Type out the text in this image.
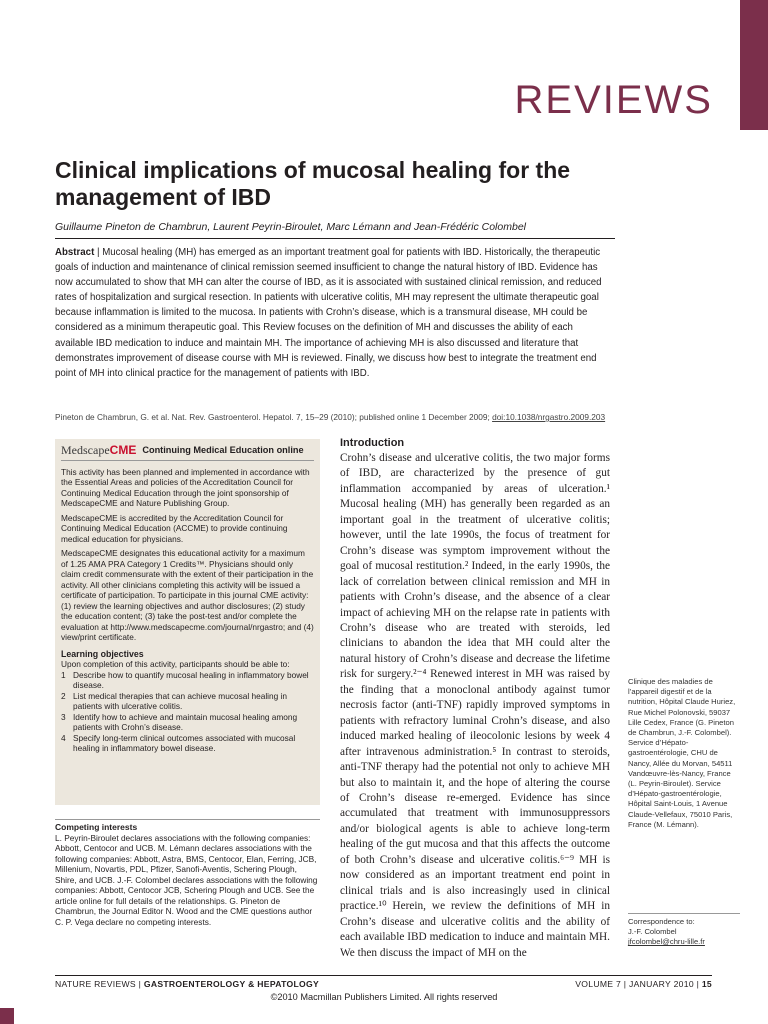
REVIEWS
Clinical implications of mucosal healing for the management of IBD
Guillaume Pineton de Chambrun, Laurent Peyrin-Biroulet, Marc Lémann and Jean-Frédéric Colombel

Abstract | Mucosal healing (MH) has emerged as an important treatment goal for patients with IBD. Historically, the therapeutic goals of induction and maintenance of clinical remission seemed insufficient to change the natural history of IBD. Evidence has now accumulated to show that MH can alter the course of IBD, as it is associated with sustained clinical remission, and reduced rates of hospitalization and surgical resection. In patients with ulcerative colitis, MH may represent the ultimate therapeutic goal because inflammation is limited to the mucosa. In patients with Crohn’s disease, which is a transmural disease, MH could be considered as a minimum therapeutic goal. This Review focuses on the definition of MH and discusses the ability of each available IBD medication to induce and maintain MH. The importance of achieving MH is also discussed and literature that demonstrates improvement of disease course with MH is reviewed. Finally, we discuss how best to integrate the treatment end point of MH into clinical practice for the management of patients with IBD.

Pineton de Chambrun, G. et al. Nat. Rev. Gastroenterol. Hepatol. 7, 15–29 (2010); published online 1 December 2009; doi:10.1038/nrgastro.2009.203
MedscapeCME Continuing Medical Education online

This activity has been planned and implemented in accordance with the Essential Areas and policies of the Accreditation Council for Continuing Medical Education through the joint sponsorship of MedscapeCME and Nature Publishing Group.

MedscapeCME is accredited by the Accreditation Council for Continuing Medical Education (ACCME) to provide continuing medical education for physicians.

MedscapeCME designates this educational activity for a maximum of 1.25 AMA PRA Category 1 Credits™. Physicians should only claim credit commensurate with the extent of their participation in the activity. All other clinicians completing this activity will be issued a certificate of participation. To participate in this journal CME activity: (1) review the learning objectives and author disclosures; (2) study the education content; (3) take the post-test and/or complete the evaluation at http://www.medscapecme.com/journal/nrgastro; and (4) view/print certificate.

Learning objectives
Upon completion of this activity, participants should be able to:
1 Describe how to quantify mucosal healing in inflammatory bowel disease.
2 List medical therapies that can achieve mucosal healing in patients with ulcerative colitis.
3 Identify how to achieve and maintain mucosal healing among patients with Crohn’s disease.
4 Specify long-term clinical outcomes associated with mucosal healing in inflammatory bowel disease.
Competing interests
L. Peyrin-Biroulet declares associations with the following companies: Abbott, Centocor and UCB. M. Lémann declares associations with the following companies: Abbott, Astra, BMS, Centocor, Elan, Ferring, JCB, Millenium, Novartis, PDL, Pfizer, Sanofi-Aventis, Schering Plough, Shire, and UCB. J.-F. Colombel declares associations with the following companies: Abbott, Centocor JCB, Schering Plough and UCB. See the article online for full details of the relationships. G. Pineton de Chambrun, the Journal Editor N. Wood and the CME questions author C. P. Vega declare no competing interests.
Introduction

Crohn’s disease and ulcerative colitis, the two major forms of IBD, are characterized by the presence of gut inflammation accompanied by areas of ulceration.¹ Mucosal healing (MH) has generally been regarded as an important goal in the treatment of ulcerative colitis; however, until the late 1990s, the focus of treatment for Crohn’s disease was symptom improvement without the goal of mucosal restitution.² Indeed, in the early 1990s, the lack of correlation between clinical remission and MH in patients with Crohn’s disease, and the absence of a clear impact of achieving MH on the relapse rate in patients with Crohn’s disease who are treated with steroids, led clinicians to abandon the idea that MH could alter the natural history of Crohn’s disease and decrease the lifetime risk for surgery.²⁻⁴ Renewed interest in MH was raised by the finding that a monoclonal antibody against tumor necrosis factor (anti-TNF) rapidly improved symptoms in patients with refractory luminal Crohn’s disease, and also induced marked healing of ileocolonic lesions by week 4 after intravenous administration.⁵ In contrast to steroids, anti-TNF therapy had the potential not only to achieve MH but also to maintain it, and the hope of altering the course of Crohn’s disease re-emerged. Evidence has since accumulated that treatment with immunosuppressors and/or biological agents is able to achieve long-term healing of the gut mucosa and that this affects the outcome of both Crohn’s disease and ulcerative colitis.⁶⁻⁹ MH is now considered as an important treatment end point in clinical trials and is also increasingly used in clinical practice.¹⁰ Herein, we review the definitions of MH in Crohn’s disease and ulcerative colitis and the ability of each available IBD medication to induce and maintain MH. We then discuss the impact of MH on the

Clinique des maladies de l’appareil digestif et de la nutrition, Hôpital Claude Huriez, Rue Michel Polonovski, 59037 Lille Cedex, France (G. Pineton de Chambrun, J.-F. Colombel). Service d’Hépato-gastroentérologie, CHU de Nancy, Allée du Morvan, 54511 Vandœuvre-lès-Nancy, France (L. Peyrin-Biroulet). Service d’Hépato-gastroentérologie, Hôpital Saint-Louis, 1 Avenue Claude-Vellefaux, 75010 Paris, France (M. Lémann).
Correspondence to:
J.-F. Colombel
jfcolombel@chru-lille.fr
NATURE REVIEWS | GASTROENTEROLOGY & HEPATOLOGY	VOLUME 7 | JANUARY 2010 | 15
©2010 Macmillan Publishers Limited. All rights reserved
